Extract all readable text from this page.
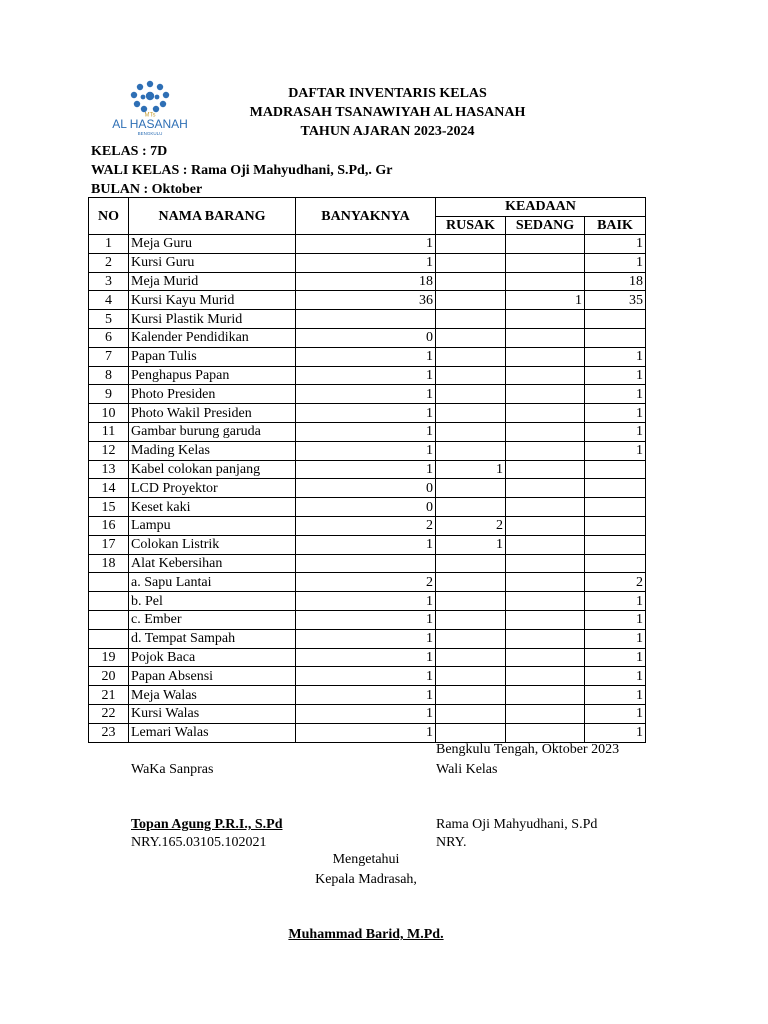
MTs
AL HASANAH
BENGKULU
DAFTAR INVENTARIS KELAS
MADRASAH TSANAWIYAH AL HASANAH
TAHUN AJARAN 2023-2024
KELAS : 7D
WALI KELAS : Rama Oji Mahyudhani, S.Pd,. Gr
BULAN : Oktober
NO	NAMA BARANG	BANYAKNYA	KEADAAN		
			RUSAK	SEDANG	BAIK
1	Meja Guru	1			1
2	Kursi Guru	1			1
3	Meja Murid	18			18
4	Kursi Kayu Murid	36		1	35
5	Kursi Plastik Murid				
6	Kalender Pendidikan	0			
7	Papan Tulis	1			1
8	Penghapus Papan	1			1
9	Photo Presiden	1			1
10	Photo Wakil Presiden	1			1
11	Gambar burung garuda	1			1
12	Mading Kelas	1			1
13	Kabel colokan panjang	1	1		
14	LCD Proyektor	0			
15	Keset kaki	0			
16	Lampu	2	2		
17	Colokan Listrik	1	1		
18	Alat Kebersihan				
	a. Sapu Lantai	2			2
	b. Pel	1			1
	c. Ember	1			1
	d. Tempat Sampah	1			1
19	Pojok Baca	1			1
20	Papan Absensi	1			1
21	Meja Walas	1			1
22	Kursi Walas	1			1
23	Lemari Walas	1			1
Bengkulu Tengah, Oktober 2023
Wali Kelas
WaKa Sanpras
Topan Agung P.R.I., S.Pd
NRY.165.03105.102021
Rama Oji Mahyudhani, S.Pd
NRY.
Mengetahui
Kepala Madrasah,
Muhammad Barid, M.Pd.
